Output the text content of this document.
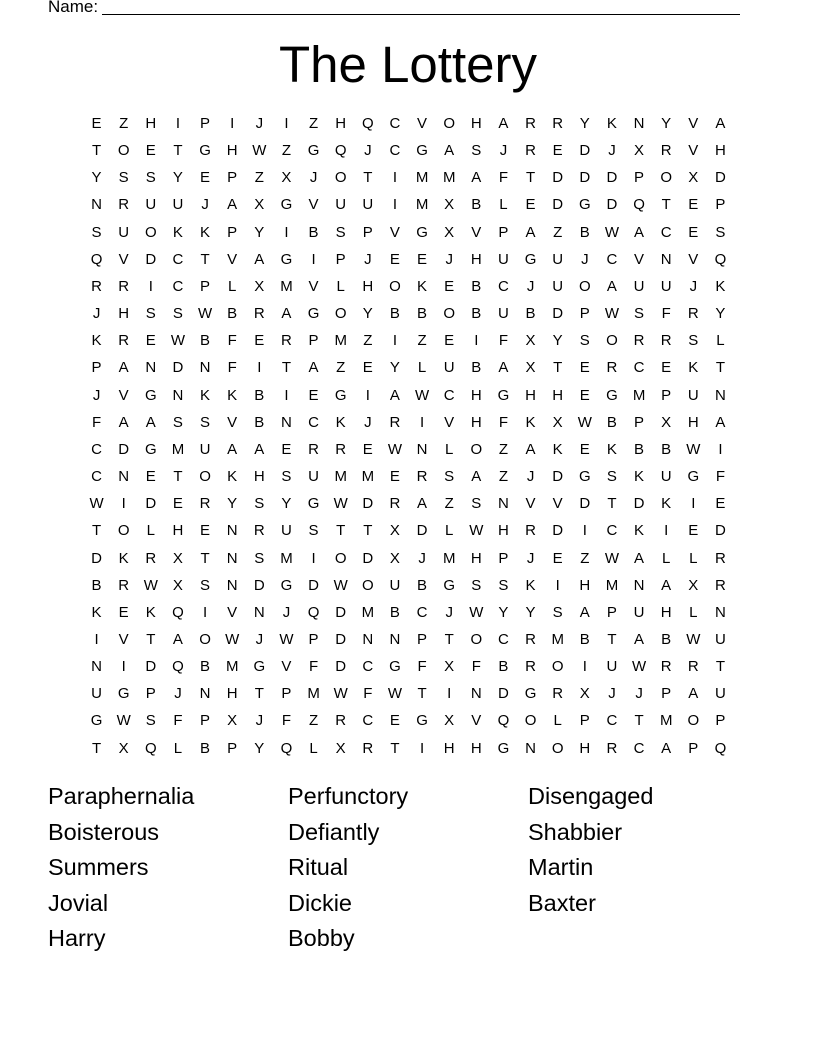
Name:
The Lottery
E Z H I P I J I Z H Q C V O H A R R Y K N Y V A
T O E T G H W Z G Q J C G A S J R E D J X R V H
Y S S Y E P Z X J O T I M M A F T D D D P O X D
N R U U J A X G V U U I M X B L E D G D Q T E P
S U O K K P Y I B S P V G X V P A Z B W A C E S
Q V D C T V A G I P J E E J H U G U J C V N V Q
R R I C P L X M V L H O K E B C J U O A U U J K
J H S S W B R A G O Y B B O B U B D P W S F R Y
K R E W B F E R P M Z I Z E I F X Y S O R R S L
P A N D N F I T A Z E Y L U B A X T E R C E K T
J V G N K K B I E G I A W C H G H H E G M P U N
F A A S S V B N C K J R I V H F K X W B P X H A
C D G M U A A E R R E W N L O Z A K E K B B W I
C N E T O K H S U M M E R S A Z J D G S K U G F
W I D E R Y S Y G W D R A Z S N V V D T D K I E
T O L H E N R U S T T X D L W H R D I C K I E D
D K R X T N S M I O D X J M H P J E Z W A L L R
B R W X S N D G D W O U B G S S K I H M N A X R
K E K Q I V N J Q D M B C J W Y Y S A P U H L N
I V T A O W J W P D N N P T O C R M B T A B W U
N I D Q B M G V F D C G F X F B R O I U W R R T
U G P J N H T P M W F W T I N D G R X J J P A U
G W S F P X J F Z R C E G X V Q O L P C T M O P
T X Q L B P Y Q L X R T I H H G N O H R C A P Q
Paraphernalia	Perfunctory	Disengaged
Boisterous	Defiantly	Shabbier
Summers	Ritual	Martin
Jovial	Dickie	Baxter
Harry	Bobby
